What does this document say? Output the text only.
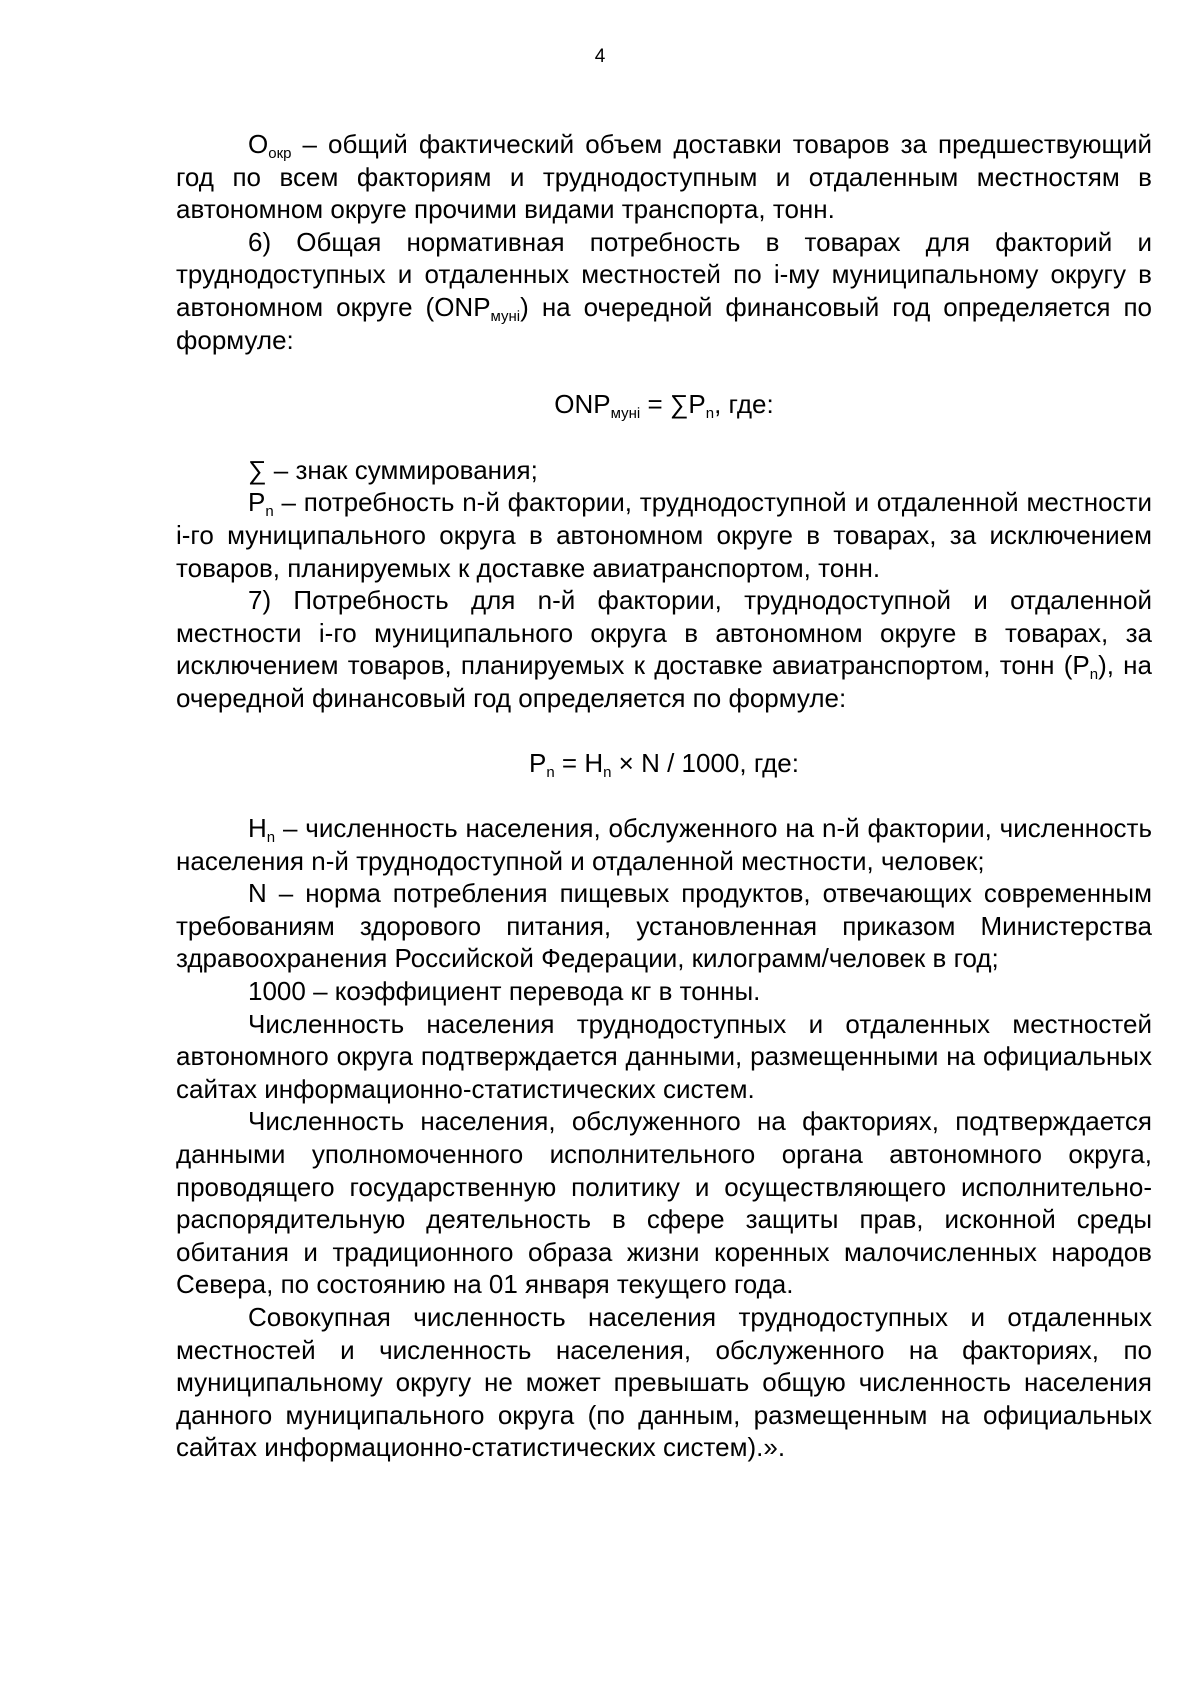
4

$О_{окр}$ – общий фактический объем доставки товаров за предшествующий год по всем факториям и труднодоступным и отдаленным местностям в автономном округе прочими видами транспорта, тонн.

6) Общая нормативная потребность в товарах для факторий и труднодоступных и отдаленных местностей по i-му муниципальному округу в автономном округе $(ONP_{муні})$ на очередной финансовый год определяется по формуле:

$ONP_{муні} = \sum P_n$, где:

∑ – знак суммирования;

$P_n$ – потребность n-й фактории, труднодоступной и отдаленной местности i-го муниципального округа в автономном округе в товарах, за исключением товаров, планируемых к доставке авиатранспортом, тонн.

7) Потребность для n-й фактории, труднодоступной и отдаленной местности i-го муниципального округа в автономном округе в товарах, за исключением товаров, планируемых к доставке авиатранспортом, тонн $(P_n)$, на очередной финансовый год определяется по формуле:

$P_n = H_n \times N / 1000$, где:

$H_n$ – численность населения, обслуженного на n-й фактории, численность населения n-й труднодоступной и отдаленной местности, человек;

N – норма потребления пищевых продуктов, отвечающих современным требованиям здорового питания, установленная приказом Министерства здравоохранения Российской Федерации, килограмм/человек в год;

1000 – коэффициент перевода кг в тонны.

Численность населения труднодоступных и отдаленных местностей автономного округа подтверждается данными, размещенными на официальных сайтах информационно-статистических систем.

Численность населения, обслуженного на факториях, подтверждается данными уполномоченного исполнительного органа автономного округа, проводящего государственную политику и осуществляющего исполнительно-распорядительную деятельность в сфере защиты прав, исконной среды обитания и традиционного образа жизни коренных малочисленных народов Севера, по состоянию на 01 января текущего года.

Совокупная численность населения труднодоступных и отдаленных местностей и численность населения, обслуженного на факториях, по муниципальному округу не может превышать общую численность населения данного муниципального округа (по данным, размещенным на официальных сайтах информационно-статистических систем).».
